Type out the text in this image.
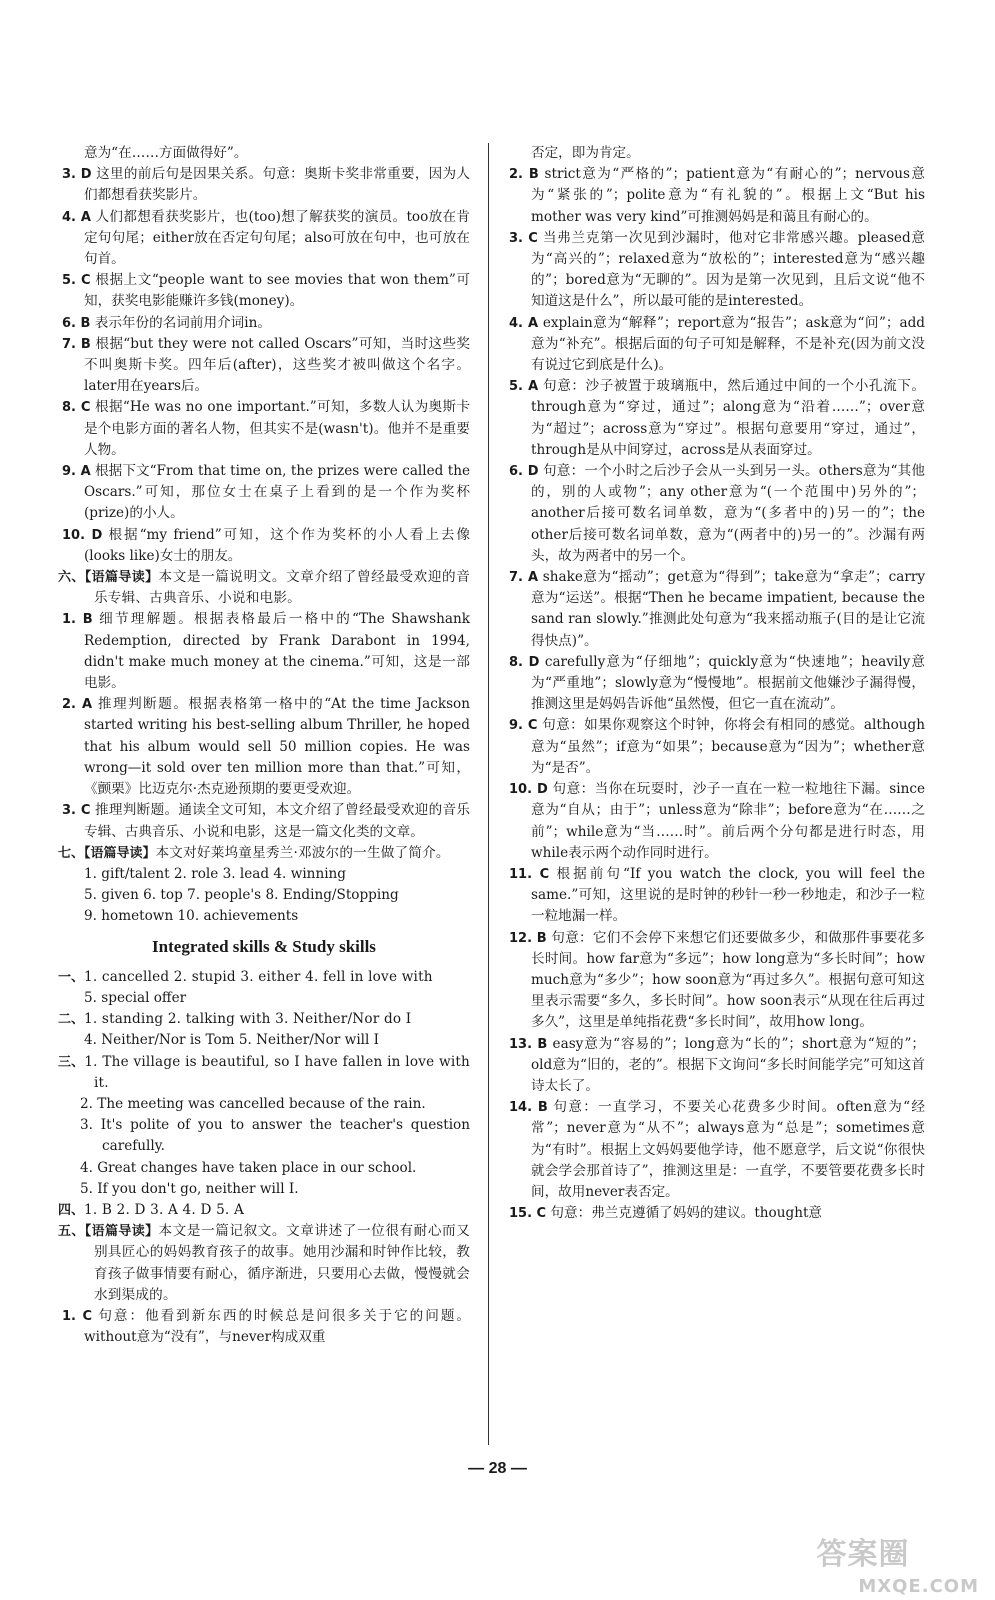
意为“在……方面做得好”。

3. D 这里的前后句是因果关系。句意：奥斯卡奖非常重要，因为人们都想看获奖影片。

4. A 人们都想看获奖影片，也(too)想了解获奖的演员。too放在肯定句句尾；either放在否定句句尾；also可放在句中，也可放在句首。

5. C 根据上文“people want to see movies that won them”可知，获奖电影能赚许多钱(money)。

6. B 表示年份的名词前用介词in。

7. B 根据“but they were not called Oscars”可知，当时这些奖不叫奥斯卡奖。四年后(after)，这些奖才被叫做这个名字。later用在years后。

8. C 根据“He was no one important.”可知，多数人认为奥斯卡是个电影方面的著名人物，但其实不是(wasn't)。他并不是重要人物。

9. A 根据下文“From that time on, the prizes were called the Oscars.”可知，那位女士在桌子上看到的是一个作为奖杯(prize)的小人。

10. D 根据“my friend”可知，这个作为奖杯的小人看上去像(looks like)女士的朋友。

六、【语篇导读】本文是一篇说明文。文章介绍了曾经最受欢迎的音乐专辑、古典音乐、小说和电影。

1. B 细节理解题。根据表格最后一格中的“The Shawshank Redemption, directed by Frank Darabont in 1994, didn't make much money at the cinema.”可知，这是一部电影。

2. A 推理判断题。根据表格第一格中的“At the time Jackson started writing his best-selling album Thriller, he hoped that his album would sell 50 million copies. He was wrong—it sold over ten million more than that.”可知，《颤栗》比迈克尔·杰克逊预期的要更受欢迎。

3. C 推理判断题。通读全文可知，本文介绍了曾经最受欢迎的音乐专辑、古典音乐、小说和电影，这是一篇文化类的文章。

七、【语篇导读】本文对好莱坞童星秀兰·邓波尔的一生做了简介。

1. gift/talent 2. role 3. lead 4. winning

5. given 6. top 7. people's 8. Ending/Stopping

9. hometown 10. achievements

Integrated skills & Study skills

一、1. cancelled 2. stupid 3. either 4. fell in love with

5. special offer

二、1. standing 2. talking with 3. Neither/Nor do I

4. Neither/Nor is Tom 5. Neither/Nor will I

三、1. The village is beautiful, so I have fallen in love with it.

2. The meeting was cancelled because of the rain.

3. It's polite of you to answer the teacher's question carefully.

4. Great changes have taken place in our school.

5. If you don't go, neither will I.

四、1. B 2. D 3. A 4. D 5. A

五、【语篇导读】本文是一篇记叙文。文章讲述了一位很有耐心而又别具匠心的妈妈教育孩子的故事。她用沙漏和时钟作比较，教育孩子做事情要有耐心，循序渐进，只要用心去做，慢慢就会水到渠成的。

1. C 句意：他看到新东西的时候总是问很多关于它的问题。without意为“没有”，与never构成双重

否定，即为肯定。

2. B strict意为“严格的”；patient意为“有耐心的”；nervous意为“紧张的”；polite意为“有礼貌的”。根据上文“But his mother was very kind”可推测妈妈是和蔼且有耐心的。

3. C 当弗兰克第一次见到沙漏时，他对它非常感兴趣。pleased意为“高兴的”；relaxed意为“放松的”；interested意为“感兴趣的”；bored意为“无聊的”。因为是第一次见到，且后文说“他不知道这是什么”，所以最可能的是interested。

4. A explain意为“解释”；report意为“报告”；ask意为“问”；add意为“补充”。根据后面的句子可知是解释，不是补充(因为前文没有说过它到底是什么)。

5. A 句意：沙子被置于玻璃瓶中，然后通过中间的一个小孔流下。through意为“穿过，通过”；along意为“沿着……”；over意为“超过”；across意为“穿过”。根据句意要用“穿过，通过”，through是从中间穿过，across是从表面穿过。

6. D 句意：一个小时之后沙子会从一头到另一头。others意为“其他的，别的人或物”；any other意为“(一个范围中)另外的”；another后接可数名词单数，意为“(多者中的)另一的”；the other后接可数名词单数，意为“(两者中的)另一的”。沙漏有两头，故为两者中的另一个。

7. A shake意为“摇动”；get意为“得到”；take意为“拿走”；carry意为“运送”。根据“Then he became impatient, because the sand ran slowly.”推测此处句意为“我来摇动瓶子(目的是让它流得快点)”。

8. D carefully意为“仔细地”；quickly意为“快速地”；heavily意为“严重地”；slowly意为“慢慢地”。根据前文他嫌沙子漏得慢，推测这里是妈妈告诉他“虽然慢，但它一直在流动”。

9. C 句意：如果你观察这个时钟，你将会有相同的感觉。although意为“虽然”；if意为“如果”；because意为“因为”；whether意为“是否”。

10. D 句意：当你在玩耍时，沙子一直在一粒一粒地往下漏。since意为“自从；由于”；unless意为“除非”；before意为“在……之前”；while意为“当……时”。前后两个分句都是进行时态，用while表示两个动作同时进行。

11. C 根据前句“If you watch the clock, you will feel the same.”可知，这里说的是时钟的秒针一秒一秒地走，和沙子一粒一粒地漏一样。

12. B 句意：它们不会停下来想它们还要做多少，和做那件事要花多长时间。how far意为“多远”；how long意为“多长时间”；how much意为“多少”；how soon意为“再过多久”。根据句意可知这里表示需要“多久，多长时间”。how soon表示“从现在往后再过多久”，这里是单纯指花费“多长时间”，故用how long。

13. B easy意为“容易的”；long意为“长的”；short意为“短的”；old意为“旧的，老的”。根据下文询问“多长时间能学完”可知这首诗太长了。

14. B 句意：一直学习，不要关心花费多少时间。often意为“经常”；never意为“从不”；always意为“总是”；sometimes意为“有时”。根据上文妈妈要他学诗，他不愿意学，后文说“你很快就会学会那首诗了”，推测这里是：一直学，不要管要花费多长时间，故用never表否定。

15. C 句意：弗兰克遵循了妈妈的建议。thought意

— 28 —
答案圈
MXQE.COM
